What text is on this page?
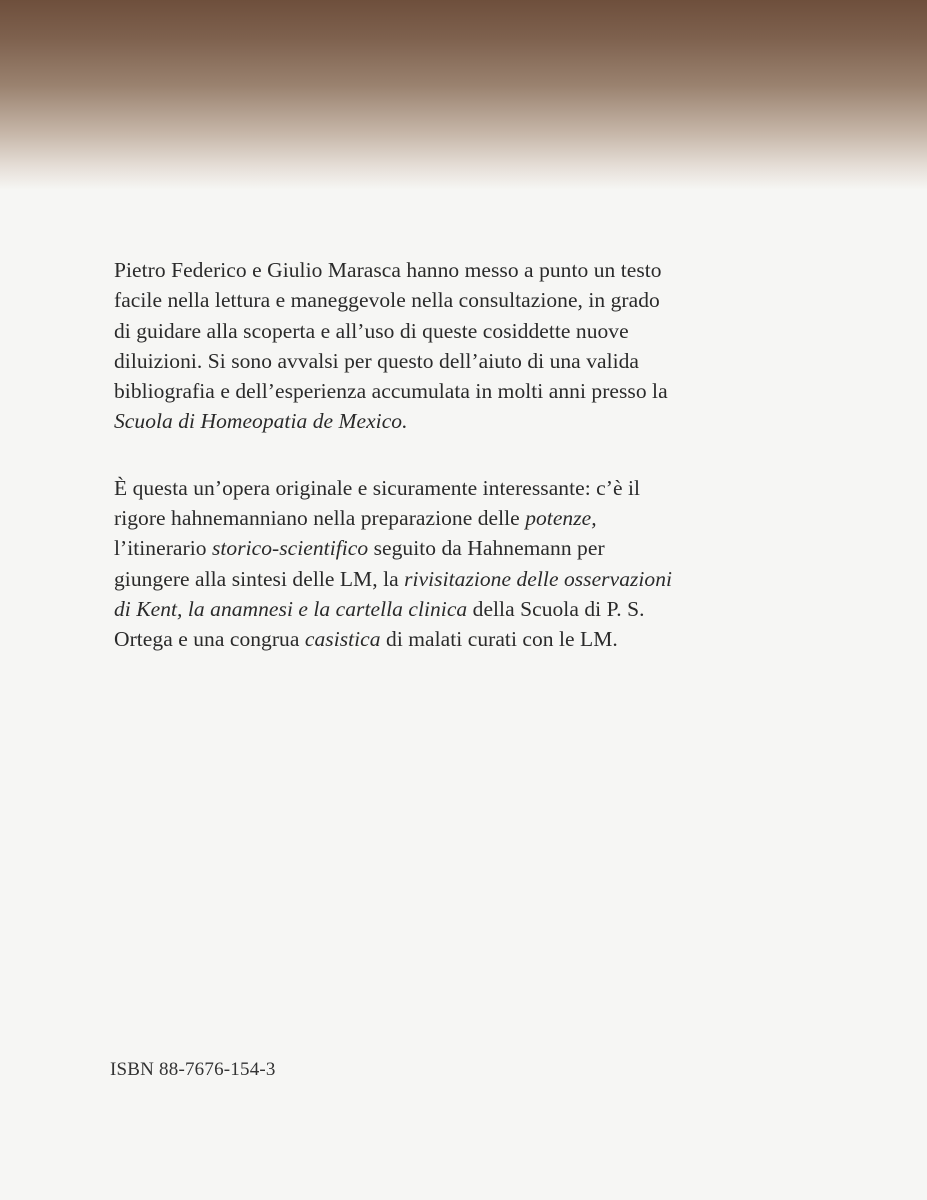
Pietro Federico e Giulio Marasca hanno messo a punto un testo
facile nella lettura e maneggevole nella consultazione, in grado
di guidare alla scoperta e all’uso di queste cosiddette nuove
diluizioni. Si sono avvalsi per questo dell’aiuto di una valida
bibliografia e dell’esperienza accumulata in molti anni presso la
Scuola di Homeopatia de Mexico.

È questa un’opera originale e sicuramente interessante: c’è il
rigore hahnemanniano nella preparazione delle potenze,
l’itinerario storico-scientifico seguito da Hahnemann per
giungere alla sintesi delle LM, la rivisitazione delle osservazioni
di Kent, la anamnesi e la cartella clinica della Scuola di P. S.
Ortega e una congrua casistica di malati curati con le LM.

ISBN 88-7676-154-3
